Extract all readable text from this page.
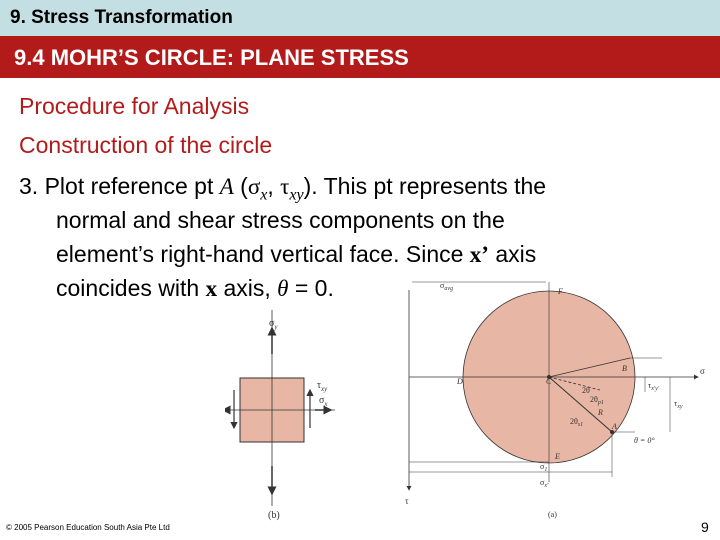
9. Stress Transformation
9.4 MOHR’S CIRCLE: PLANE STRESS
Procedure for Analysis
Construction of the circle
3. Plot reference pt A ($\sigma_x$, $\tau_{xy}$). This pt represents the
normal and shear stress components on the
element’s right-hand vertical face. Since x’ axis
coincides with x axis, θ = 0.
$\sigma_y$
$\tau_{xy}$
$\sigma_x$
(b)
$\sigma_{avg}$	F
D	C
B
R
A
E
σ
τ
2θ
$2\theta_{p1}$
$2\theta_{s1}$
$\tau_{x'y'}$
$\tau_{xy}$
θ = 0°
$\sigma_1$
$\sigma_{x'}$
(a)
© 2005 Pearson Education South Asia Pte Ltd	9
